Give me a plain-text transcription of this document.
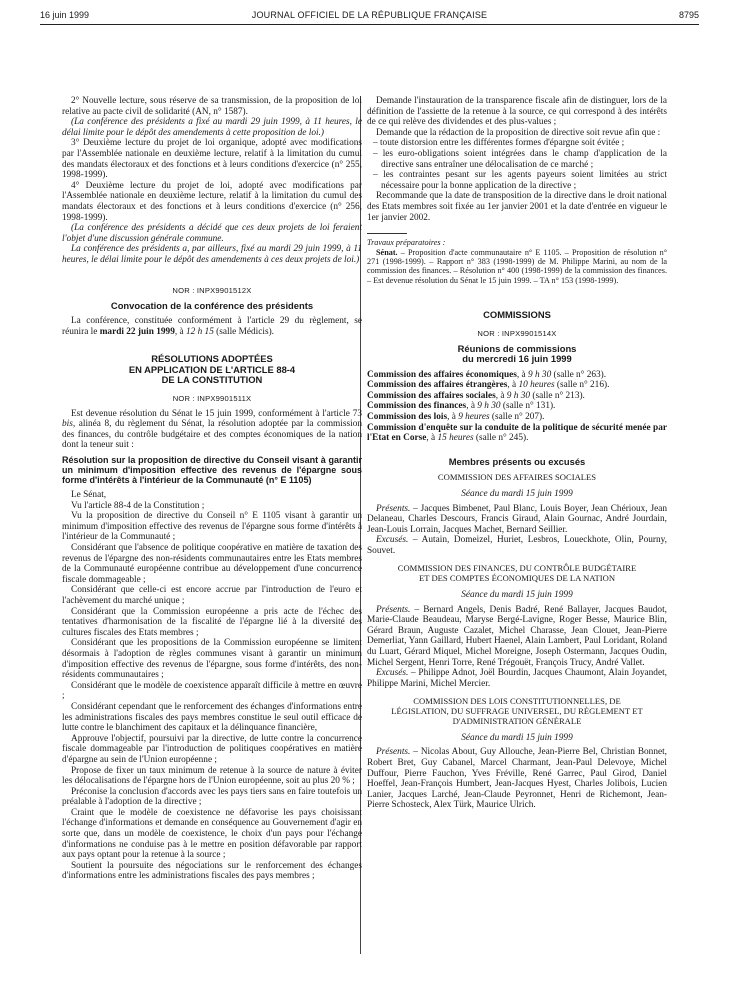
16 juin 1999	JOURNAL OFFICIEL DE LA RÉPUBLIQUE FRANÇAISE	8795

2° Nouvelle lecture, sous réserve de sa transmission, de la proposition de loi relative au pacte civil de solidarité (AN, n° 1587).

(La conférence des présidents a fixé au mardi 29 juin 1999, à 11 heures, le délai limite pour le dépôt des amendements à cette proposition de loi.)

3° Deuxième lecture du projet de loi organique, adopté avec modifications par l'Assemblée nationale en deuxième lecture, relatif à la limitation du cumul des mandats électoraux et des fonctions et à leurs conditions d'exercice (n° 255, 1998-1999).

4° Deuxième lecture du projet de loi, adopté avec modifications par l'Assemblée nationale en deuxième lecture, relatif à la limitation du cumul des mandats électoraux et des fonctions et à leurs conditions d'exercice (n° 256, 1998-1999).

(La conférence des présidents a décidé que ces deux projets de loi feraient l'objet d'une discussion générale commune.

La conférence des présidents a, par ailleurs, fixé au mardi 29 juin 1999, à 11 heures, le délai limite pour le dépôt des amendements à ces deux projets de loi.)

NOR : INPX9901512X
Convocation de la conférence des présidents

La conférence, constituée conformément à l'article 29 du règlement, se réunira le mardi 22 juin 1999, à 12 h 15 (salle Médicis).

RÉSOLUTIONS ADOPTÉES
EN APPLICATION DE L'ARTICLE 88-4
DE LA CONSTITUTION
NOR : INPX9901511X

Est devenue résolution du Sénat le 15 juin 1999, conformément à l'article 73 bis, alinéa 8, du règlement du Sénat, la résolution adoptée par la commission des finances, du contrôle budgétaire et des comptes économiques de la nation dont la teneur suit :

Résolution sur la proposition de directive du Conseil visant à garantir un minimum d'imposition effective des revenus de l'épargne sous forme d'intérêts à l'intérieur de la Communauté (n° E 1105)

Le Sénat,

Vu l'article 88-4 de la Constitution ;

Vu la proposition de directive du Conseil n° E 1105 visant à garantir un minimum d'imposition effective des revenus de l'épargne sous forme d'intérêts à l'intérieur de la Communauté ;

Considérant que l'absence de politique coopérative en matière de taxation des revenus de l'épargne des non-résidents communautaires entre les Etats membres de la Communauté européenne contribue au développement d'une concurrence fiscale dommageable ;

Considérant que celle-ci est encore accrue par l'introduction de l'euro et l'achèvement du marché unique ;

Considérant que la Commission européenne a pris acte de l'échec des tentatives d'harmonisation de la fiscalité de l'épargne lié à la diversité des cultures fiscales des Etats membres ;

Considérant que les propositions de la Commission européenne se limitent désormais à l'adoption de règles communes visant à garantir un minimum d'imposition effective des revenus de l'épargne, sous forme d'intérêts, des non-résidents communautaires ;

Considérant que le modèle de coexistence apparaît difficile à mettre en œuvre ;

Considérant cependant que le renforcement des échanges d'informations entre les administrations fiscales des pays membres constitue le seul outil efficace de lutte contre le blanchiment des capitaux et la délinquance financière,

Approuve l'objectif, poursuivi par la directive, de lutte contre la concurrence fiscale dommageable par l'introduction de politiques coopératives en matière d'épargne au sein de l'Union européenne ;

Propose de fixer un taux minimum de retenue à la source de nature à éviter les délocalisations de l'épargne hors de l'Union européenne, soit au plus 20 % ;

Préconise la conclusion d'accords avec les pays tiers sans en faire toutefois un préalable à l'adoption de la directive ;

Craint que le modèle de coexistence ne défavorise les pays choisissant l'échange d'informations et demande en conséquence au Gouvernement d'agir en sorte que, dans un modèle de coexistence, le choix d'un pays pour l'échange d'informations ne conduise pas à le mettre en position défavorable par rapport aux pays optant pour la retenue à la source ;

Soutient la poursuite des négociations sur le renforcement des échanges d'informations entre les administrations fiscales des pays membres ;

Demande l'instauration de la transparence fiscale afin de distinguer, lors de la définition de l'assiette de la retenue à la source, ce qui correspond à des intérêts de ce qui relève des dividendes et des plus-values ;

Demande que la rédaction de la proposition de directive soit revue afin que :

– toute distorsion entre les différentes formes d'épargne soit évitée ;

– les euro-obligations soient intégrées dans le champ d'application de la directive sans entraîner une délocalisation de ce marché ;

– les contraintes pesant sur les agents payeurs soient limitées au strict nécessaire pour la bonne application de la directive ;

Recommande que la date de transposition de la directive dans le droit national des Etats membres soit fixée au 1er janvier 2001 et la date d'entrée en vigueur le 1er janvier 2002.

Travaux préparatoires :

Sénat. – Proposition d'acte communautaire n° E 1105. – Proposition de résolution n° 271 (1998-1999). – Rapport n° 383 (1998-1999) de M. Philippe Marini, au nom de la commission des finances. – Résolution n° 400 (1998-1999) de la commission des finances. – Est devenue résolution du Sénat le 15 juin 1999. – TA n° 153 (1998-1999).

COMMISSIONS
NOR : INPX9901514X
Réunions de commissions
du mercredi 16 juin 1999

Commission des affaires économiques, à 9 h 30 (salle n° 263).

Commission des affaires étrangères, à 10 heures (salle n° 216).

Commission des affaires sociales, à 9 h 30 (salle n° 213).

Commission des finances, à 9 h 30 (salle n° 131).

Commission des lois, à 9 heures (salle n° 207).

Commission d'enquête sur la conduite de la politique de sécurité menée par l'Etat en Corse, à 15 heures (salle n° 245).

Membres présents ou excusés

COMMISSION DES AFFAIRES SOCIALES

Séance du mardi 15 juin 1999

Présents. – Jacques Bimbenet, Paul Blanc, Louis Boyer, Jean Chérioux, Jean Delaneau, Charles Descours, Francis Giraud, Alain Gournac, André Jourdain, Jean-Louis Lorrain, Jacques Machet, Bernard Seillier.

Excusés. – Autain, Domeizel, Huriet, Lesbros, Loueckhote, Olin, Pourny, Souvet.

COMMISSION DES FINANCES, DU CONTRÔLE BUDGÉTAIRE
ET DES COMPTES ÉCONOMIQUES DE LA NATION

Séance du mardi 15 juin 1999

Présents. – Bernard Angels, Denis Badré, René Ballayer, Jacques Baudot, Marie-Claude Beaudeau, Maryse Bergé-Lavigne, Roger Besse, Maurice Blin, Gérard Braun, Auguste Cazalet, Michel Charasse, Jean Clouet, Jean-Pierre Demerliat, Yann Gaillard, Hubert Haenel, Alain Lambert, Paul Loridant, Roland du Luart, Gérard Miquel, Michel Moreigne, Joseph Ostermann, Jacques Oudin, Michel Sergent, Henri Torre, René Trégouët, François Trucy, André Vallet.

Excusés. – Philippe Adnot, Joël Bourdin, Jacques Chaumont, Alain Joyandet, Philippe Marini, Michel Mercier.

COMMISSION DES LOIS CONSTITUTIONNELLES, DE
LÉGISLATION, DU SUFFRAGE UNIVERSEL, DU RÈGLEMENT ET
D'ADMINISTRATION GÉNÉRALE

Séance du mardi 15 juin 1999

Présents. – Nicolas About, Guy Allouche, Jean-Pierre Bel, Christian Bonnet, Robert Bret, Guy Cabanel, Marcel Charmant, Jean-Paul Delevoye, Michel Duffour, Pierre Fauchon, Yves Fréville, René Garrec, Paul Girod, Daniel Hoeffel, Jean-François Humbert, Jean-Jacques Hyest, Charles Jolibois, Lucien Lanier, Jacques Larché, Jean-Claude Peyronnet, Henri de Richemont, Jean-Pierre Schosteck, Alex Türk, Maurice Ulrich.
